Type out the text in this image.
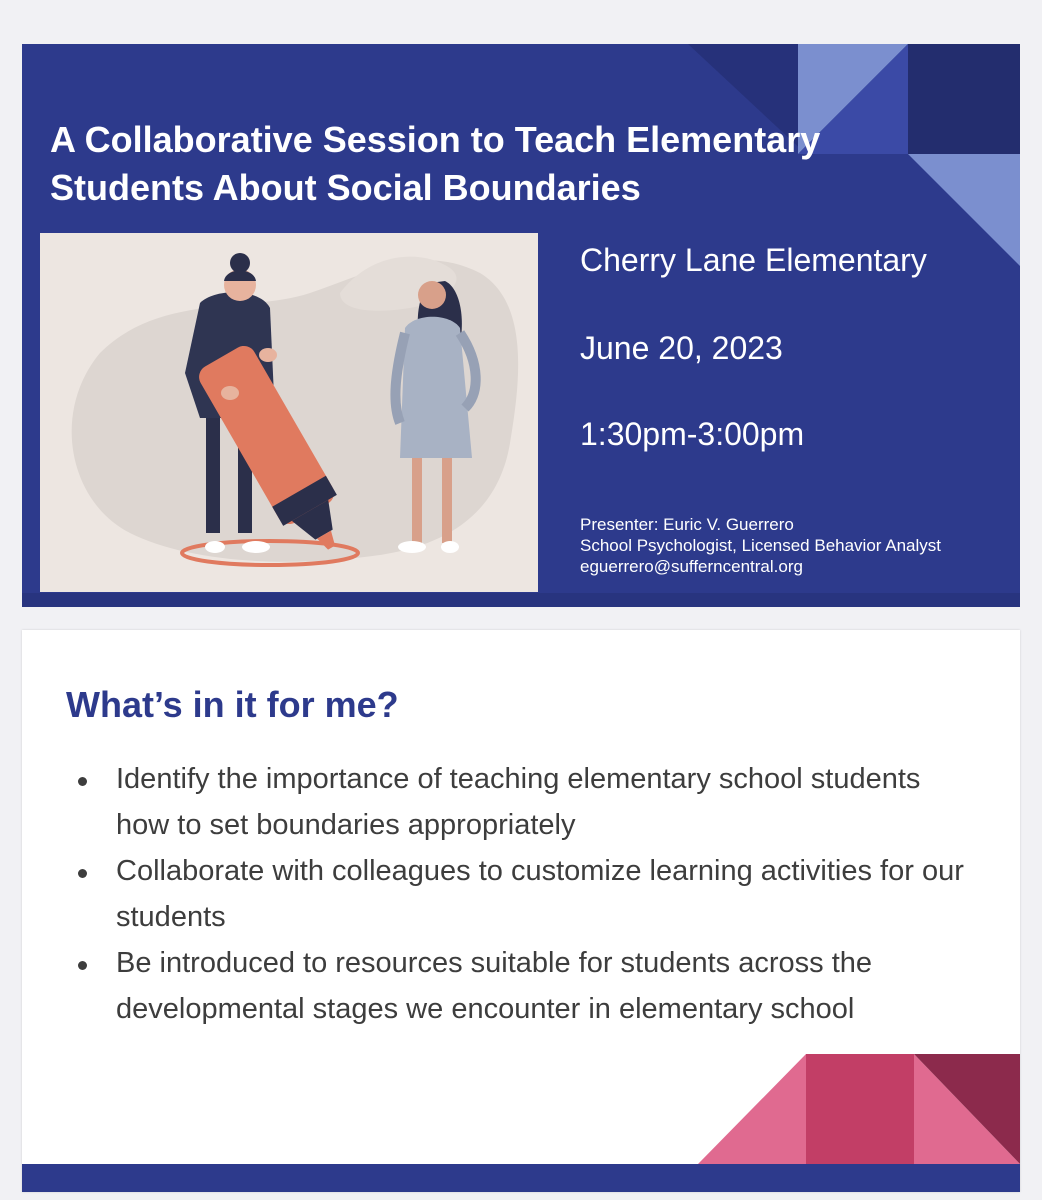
A Collaborative Session to Teach Elementary Students About Social Boundaries
Cherry Lane Elementary
June 20, 2023
1:30pm-3:00pm
Presenter: Euric V. Guerrero
School Psychologist, Licensed Behavior Analyst
eguerrero@sufferncentral.org
What’s in it for me?
Identify the importance of teaching elementary school students how to set boundaries appropriately
Collaborate with colleagues to customize learning activities for our students
Be introduced to resources suitable for students across the developmental stages we encounter in elementary school
